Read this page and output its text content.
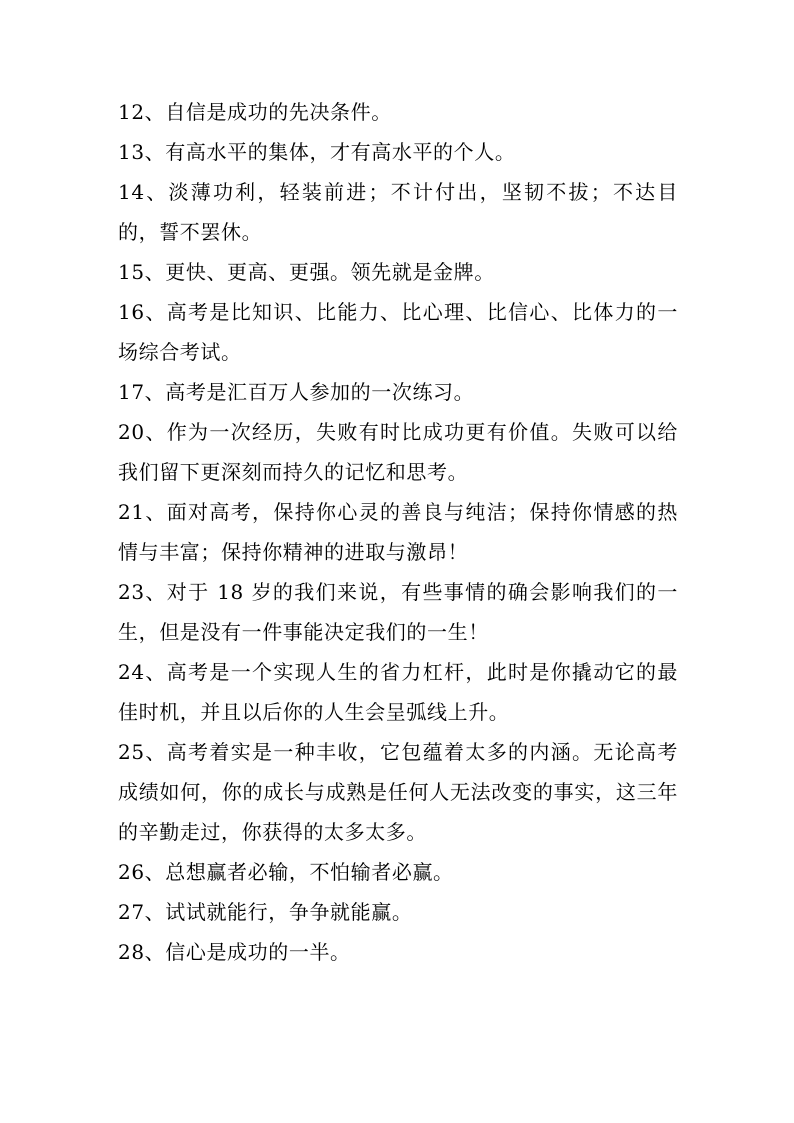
12、自信是成功的先决条件。

13、有高水平的集体，才有高水平的个人。

14、淡薄功利，轻装前进；不计付出，坚韧不拔；不达目的，誓不罢休。

15、更快、更高、更强。领先就是金牌。

16、高考是比知识、比能力、比心理、比信心、比体力的一场综合考试。

17、高考是汇百万人参加的一次练习。

20、作为一次经历，失败有时比成功更有价值。失败可以给我们留下更深刻而持久的记忆和思考。

21、面对高考，保持你心灵的善良与纯洁；保持你情感的热情与丰富；保持你精神的进取与激昂！

23、对于 18 岁的我们来说，有些事情的确会影响我们的一生，但是没有一件事能决定我们的一生！

24、高考是一个实现人生的省力杠杆，此时是你撬动它的最佳时机，并且以后你的人生会呈弧线上升。

25、高考着实是一种丰收，它包蕴着太多的内涵。无论高考成绩如何，你的成长与成熟是任何人无法改变的事实，这三年的辛勤走过，你获得的太多太多。

26、总想赢者必输，不怕输者必赢。

27、试试就能行，争争就能赢。

28、信心是成功的一半。
